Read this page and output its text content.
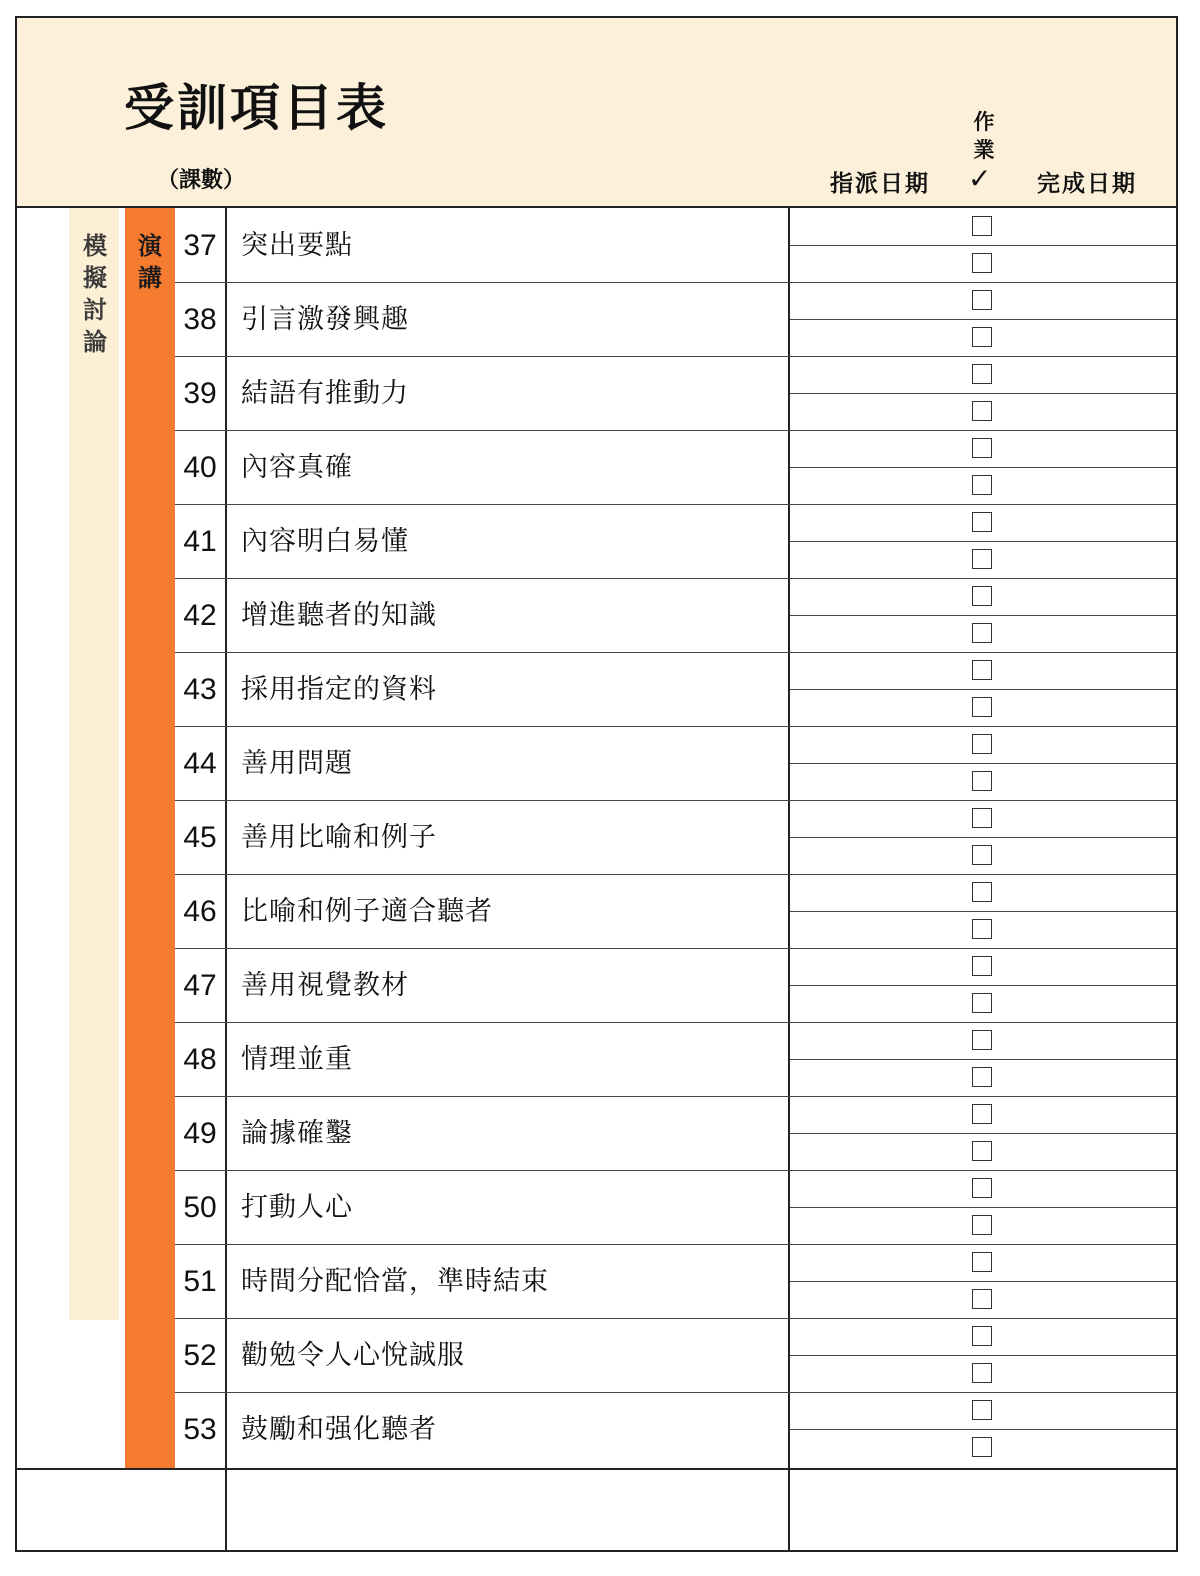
受訓項目表
（課數）	指派日期
作業
✓ 完成日期
模擬討論
演講
37 突出要點
38 引言激發興趣
39 結語有推動力
40 內容真確
41 內容明白易懂
42 增進聽者的知識
43 採用指定的資料
44 善用問題
45 善用比喻和例子
46 比喻和例子適合聽者
47 善用視覺教材
48 情理並重
49 論據確鑿
50 打動人心
51 時間分配恰當，準時結束
52 勸勉令人心悅誠服
53 鼓勵和强化聽者
